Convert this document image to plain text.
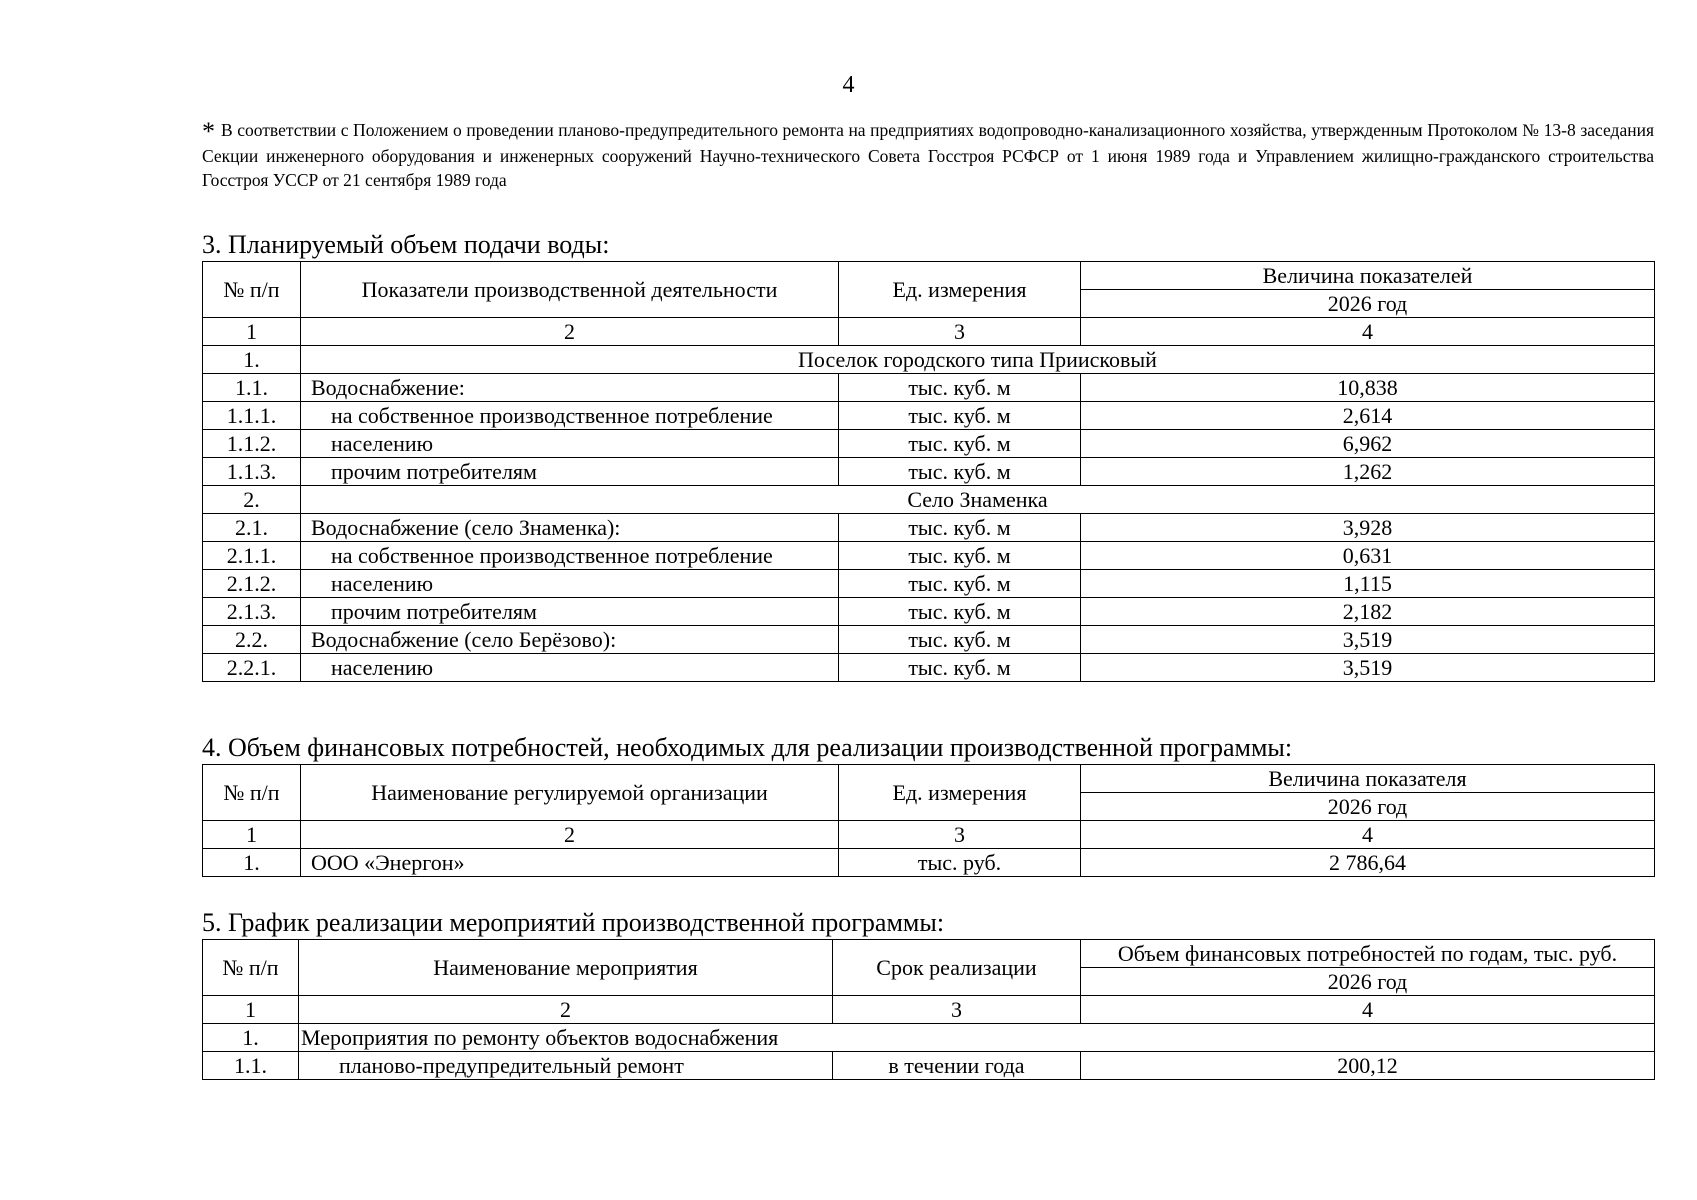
4
* В соответствии с Положением о проведении планово-предупредительного ремонта на предприятиях водопроводно-канализационного хозяйства, утвержденным Протоколом № 13-8 заседания Секции инженерного оборудования и инженерных сооружений Научно-технического Совета Госстроя РСФСР от 1 июня 1989 года и Управлением жилищно-гражданского строительства Госстроя УССР от 21 сентября 1989 года
3. Планируемый объем подачи воды:
№ п/п	Показатели производственной деятельности	Ед. измерения	Величина показателей
			2026 год
1	2	3	4
1.	Поселок городского типа Приисковый		
1.1.	Водоснабжение:	тыс. куб. м	10,838
1.1.1.	на собственное производственное потребление	тыс. куб. м	2,614
1.1.2.	населению	тыс. куб. м	6,962
1.1.3.	прочим потребителям	тыс. куб. м	1,262
2.	Село Знаменка		
2.1.	Водоснабжение (село Знаменка):	тыс. куб. м	3,928
2.1.1.	на собственное производственное потребление	тыс. куб. м	0,631
2.1.2.	населению	тыс. куб. м	1,115
2.1.3.	прочим потребителям	тыс. куб. м	2,182
2.2.	Водоснабжение (село Берёзово):	тыс. куб. м	3,519
2.2.1.	населению	тыс. куб. м	3,519
4. Объем финансовых потребностей, необходимых для реализации производственной программы:
№ п/п	Наименование регулируемой организации	Ед. измерения	Величина показателя
			2026 год
1	2	3	4
1.	ООО «Энергон»	тыс. руб.	2 786,64
5. График реализации мероприятий производственной программы:
№ п/п	Наименование мероприятия	Срок реализации	Объем финансовых потребностей по годам, тыс. руб.
			2026 год
1	2	3	4
1.	Мероприятия по ремонту объектов водоснабжения		
1.1.	планово-предупредительный ремонт	в течении года	200,12
